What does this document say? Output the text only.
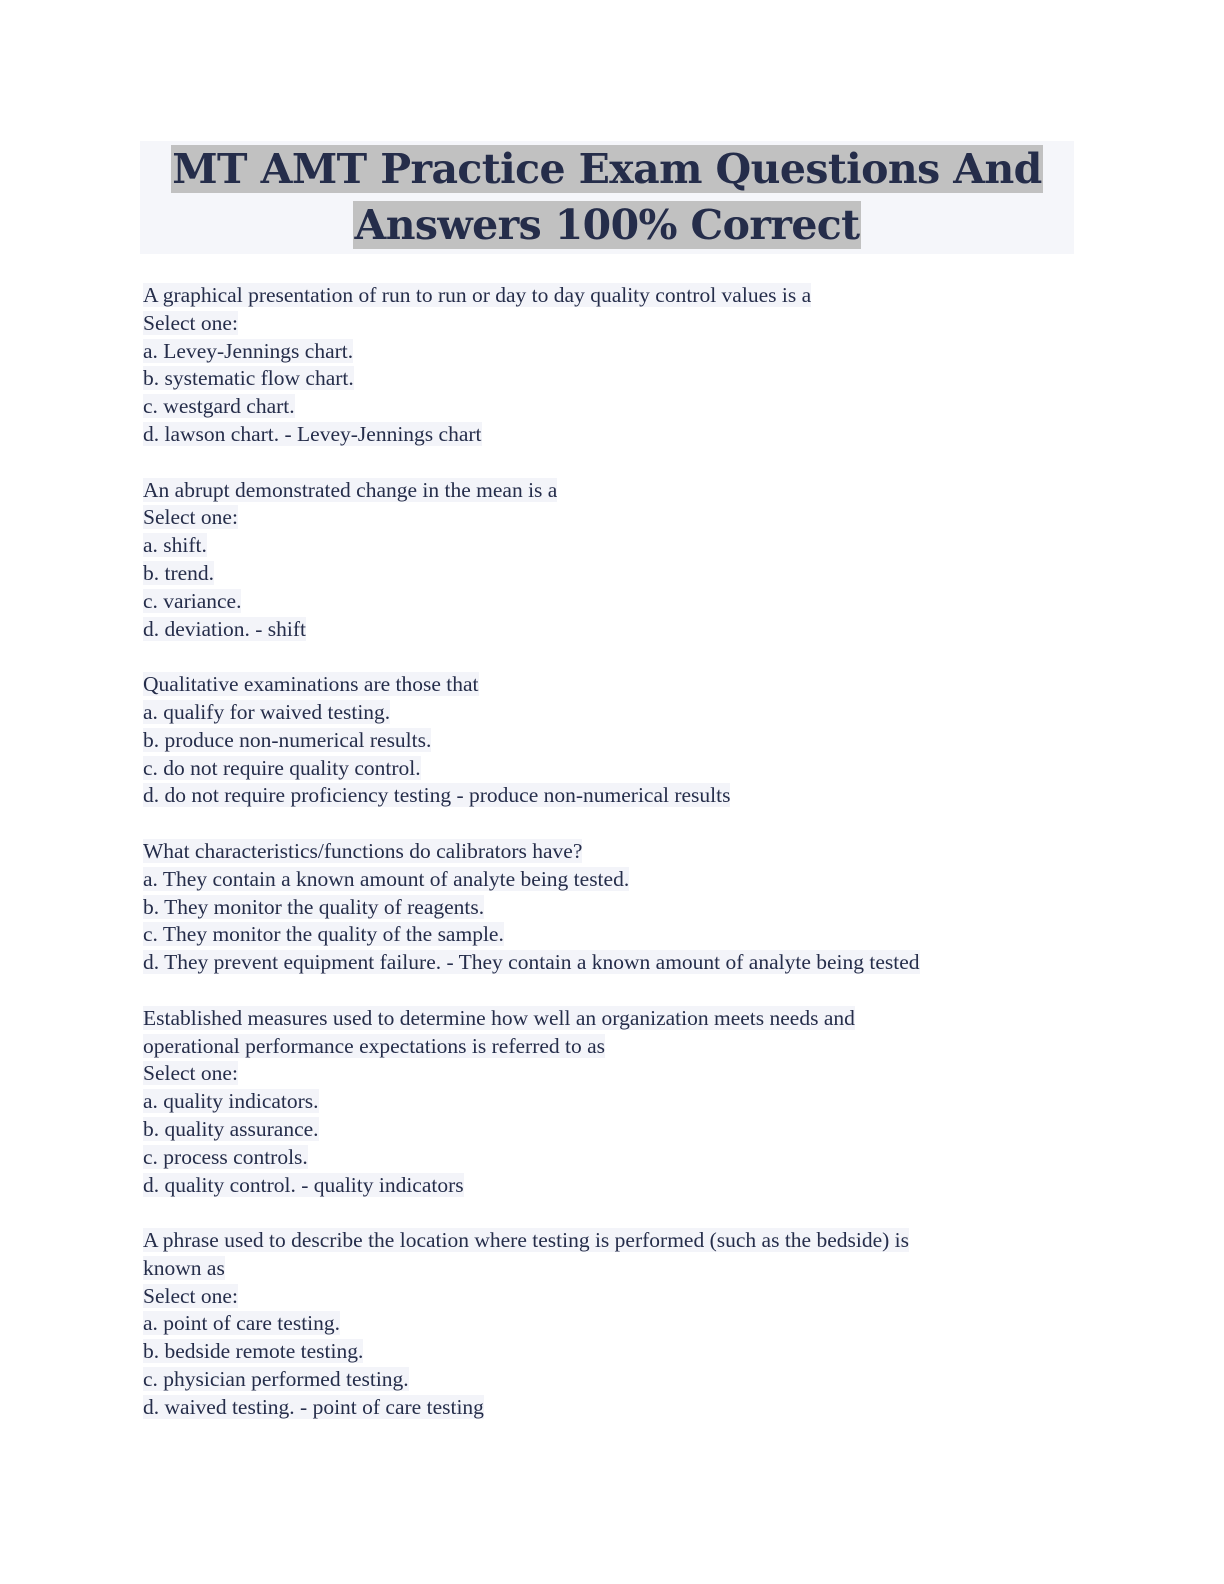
MT AMT Practice Exam Questions And
Answers 100% Correct
A graphical presentation of run to run or day to day quality control values is a
Select one:
a. Levey-Jennings chart.
b. systematic flow chart.
c. westgard chart.
d. lawson chart. - Levey-Jennings chart
An abrupt demonstrated change in the mean is a
Select one:
a. shift.
b. trend.
c. variance.
d. deviation. - shift
Qualitative examinations are those that
a. qualify for waived testing.
b. produce non-numerical results.
c. do not require quality control.
d. do not require proficiency testing - produce non-numerical results
What characteristics/functions do calibrators have?
a. They contain a known amount of analyte being tested.
b. They monitor the quality of reagents.
c. They monitor the quality of the sample.
d. They prevent equipment failure. - They contain a known amount of analyte being tested
Established measures used to determine how well an organization meets needs and
operational performance expectations is referred to as
Select one:
a. quality indicators.
b. quality assurance.
c. process controls.
d. quality control. - quality indicators
A phrase used to describe the location where testing is performed (such as the bedside) is
known as
Select one:
a. point of care testing.
b. bedside remote testing.
c. physician performed testing.
d. waived testing. - point of care testing
